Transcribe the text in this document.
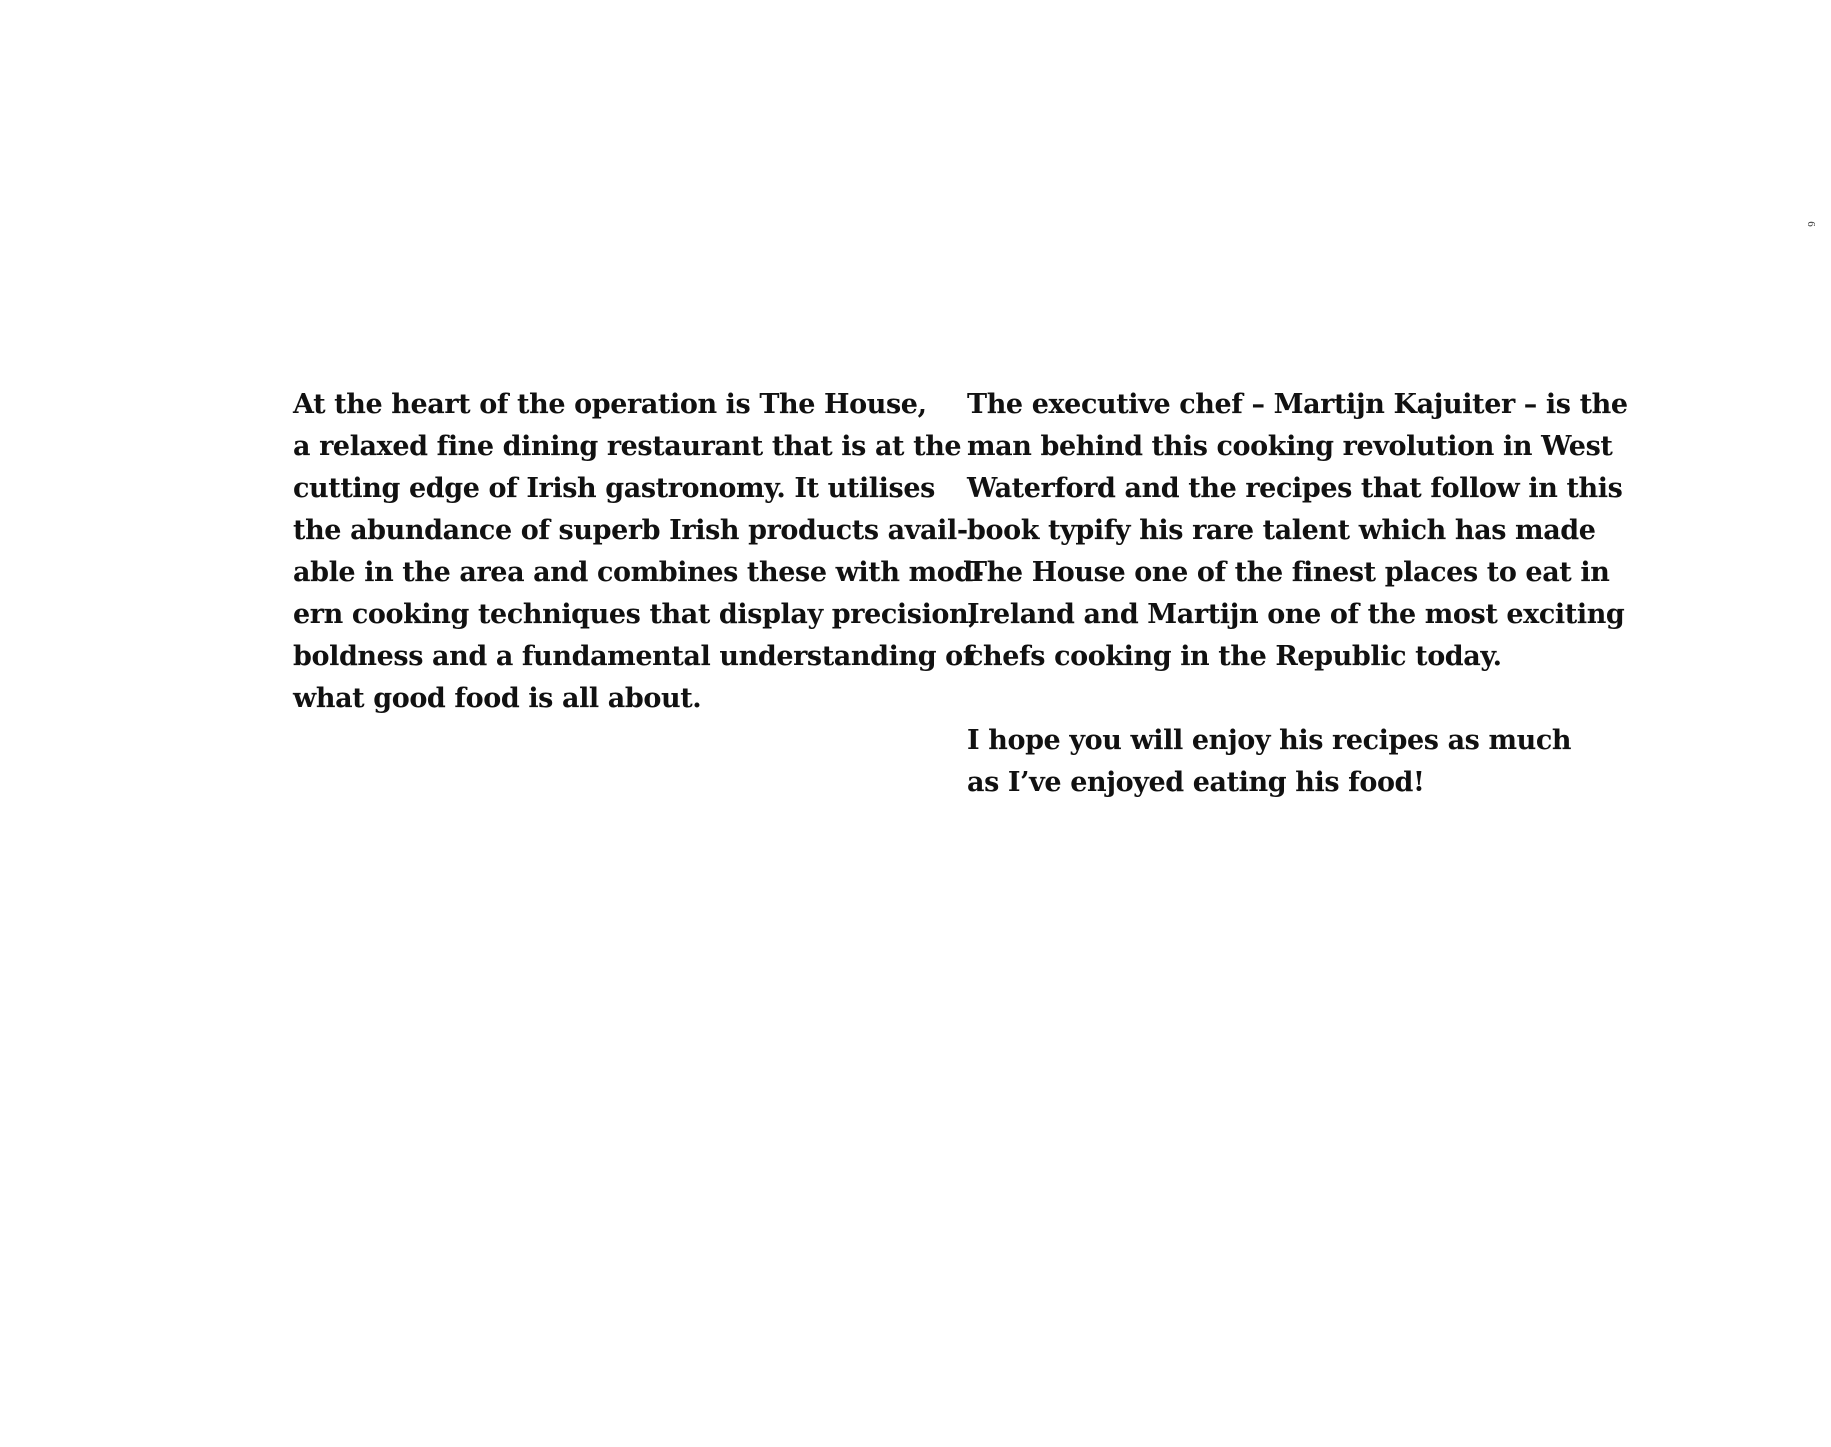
6
At the heart of the operation is The House,
a relaxed fine dining restaurant that is at the
cutting edge of Irish gastronomy. It utilises
the abundance of superb Irish products avail-
able in the area and combines these with mod-
ern cooking techniques that display precision,
boldness and a fundamental understanding of
what good food is all about.
The executive chef – Martijn Kajuiter – is the
man behind this cooking revolution in West
Waterford and the recipes that follow in this
book typify his rare talent which has made
The House one of the finest places to eat in
Ireland and Martijn one of the most exciting
chefs cooking in the Republic today.
I hope you will enjoy his recipes as much
as I’ve enjoyed eating his food!
